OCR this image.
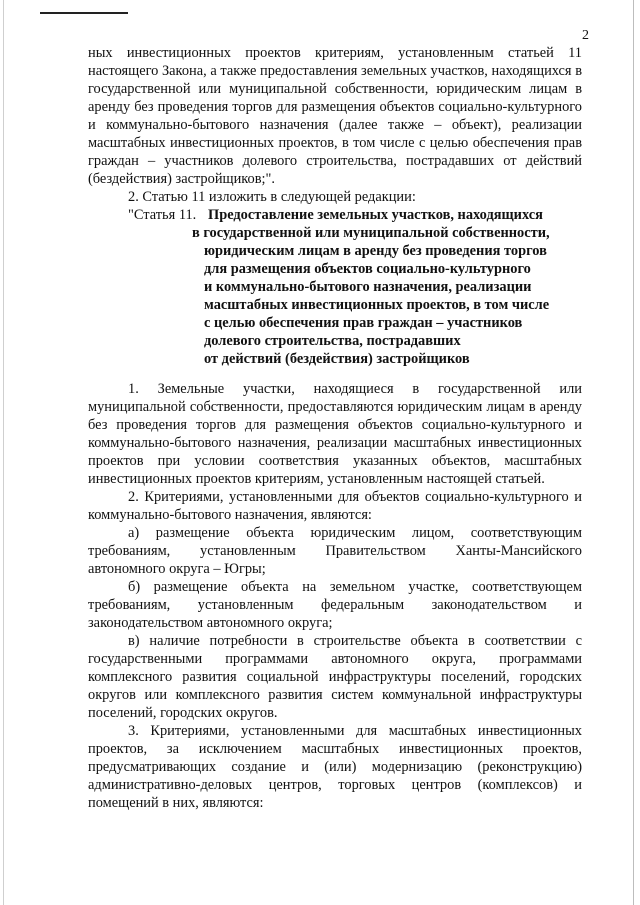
2

ных инвестиционных проектов критериям, установленным статьей 11 настоящего Закона, а также предоставления земельных участков, находящихся в государственной или муниципальной собственности, юридическим лицам в аренду без проведения торгов для размещения объектов социально-культурного и коммунально-бытового назначения (далее также – объект), реализации масштабных инвестиционных проектов, в том числе с целью обеспечения прав граждан – участников долевого строительства, пострадавших от действий (бездействия) застройщиков;".

2. Статью 11 изложить в следующей редакции:
"Статья 11. Предоставление земельных участков, находящихся
в государственной или муниципальной собственности,
юридическим лицам в аренду без проведения торгов
для размещения объектов социально-культурного
и коммунально-бытового назначения, реализации
масштабных инвестиционных проектов, в том числе
с целью обеспечения прав граждан – участников
долевого строительства, пострадавших
от действий (бездействия) застройщиков

1. Земельные участки, находящиеся в государственной или муниципальной собственности, предоставляются юридическим лицам в аренду без проведения торгов для размещения объектов социально-культурного и коммунально-бытового назначения, реализации масштабных инвестиционных проектов при условии соответствия указанных объектов, масштабных инвестиционных проектов критериям, установленным настоящей статьей.

2. Критериями, установленными для объектов социально-культурного и коммунально-бытового назначения, являются:

а) размещение объекта юридическим лицом, соответствующим требованиям, установленным Правительством Ханты-Мансийского автономного округа – Югры;

б) размещение объекта на земельном участке, соответствующем требованиям, установленным федеральным законодательством и законодательством автономного округа;

в) наличие потребности в строительстве объекта в соответствии с государственными программами автономного округа, программами комплексного развития социальной инфраструктуры поселений, городских округов или комплексного развития систем коммунальной инфраструктуры поселений, городских округов.

3. Критериями, установленными для масштабных инвестиционных проектов, за исключением масштабных инвестиционных проектов, предусматривающих создание и (или) модернизацию (реконструкцию) административно-деловых центров, торговых центров (комплексов) и помещений в них, являются:
